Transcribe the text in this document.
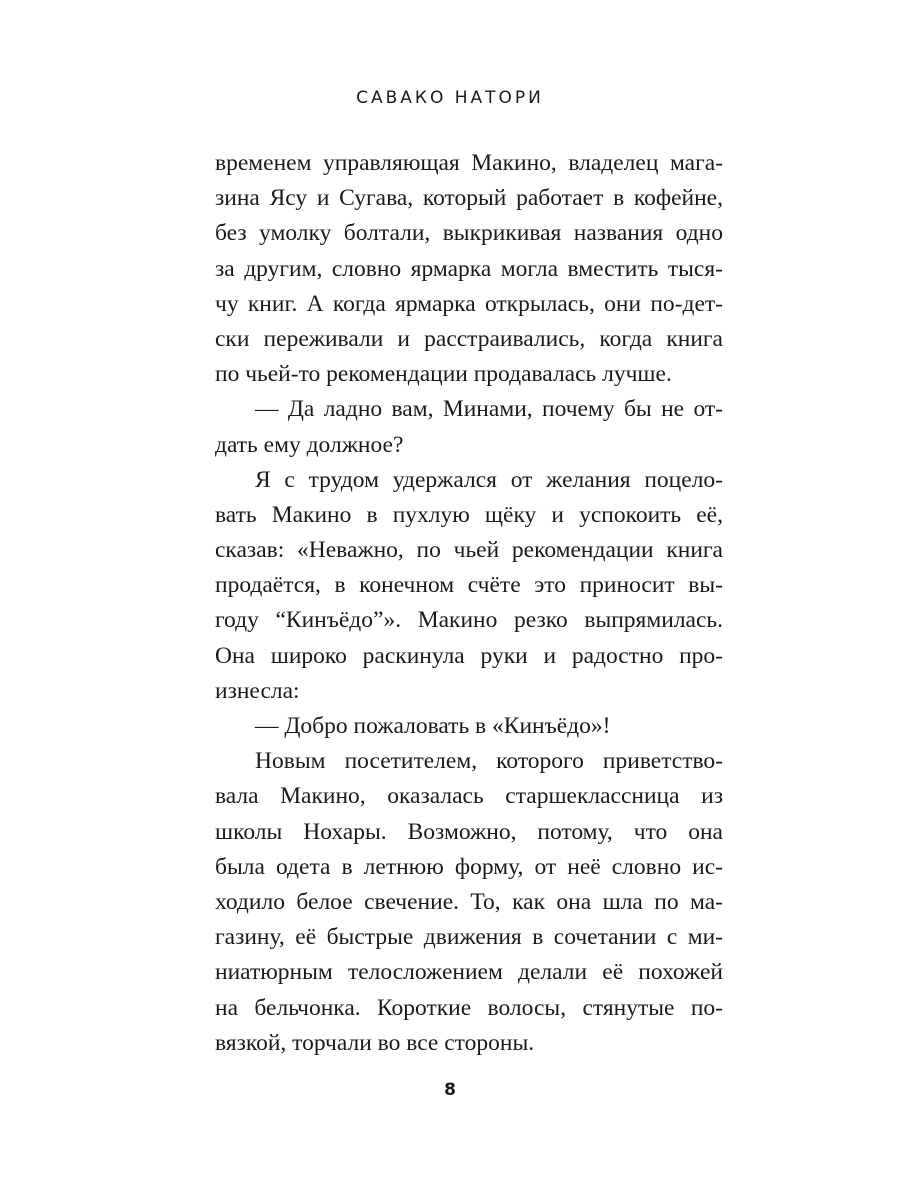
САВАКО НАТОРИ
временем управляющая Макино, владелец мага-
зина Ясу и Сугава, который работает в кофейне,
без умолку болтали, выкрикивая названия одно
за другим, словно ярмарка могла вместить тыся-
чу книг. А когда ярмарка открылась, они по-дет-
ски переживали и расстраивались, когда книга
по чьей-то рекомендации продавалась лучше.
— Да ладно вам, Минами, почему бы не от-
дать ему должное?
Я с трудом удержался от желания поцело-
вать Макино в пухлую щёку и успокоить её,
сказав: «Неважно, по чьей рекомендации книга
продаётся, в конечном счёте это приносит вы-
году “Кинъёдо”». Макино резко выпрямилась.
Она широко раскинула руки и радостно про-
изнесла:
— Добро пожаловать в «Кинъёдо»!
Новым посетителем, которого приветство-
вала Макино, оказалась старшеклассница из
школы Нохары. Возможно, потому, что она
была одета в летнюю форму, от неё словно ис-
ходило белое свечение. То, как она шла по ма-
газину, её быстрые движения в сочетании с ми-
ниатюрным телосложением делали её похожей
на бельчонка. Короткие волосы, стянутые по-
вязкой, торчали во все стороны.
8
